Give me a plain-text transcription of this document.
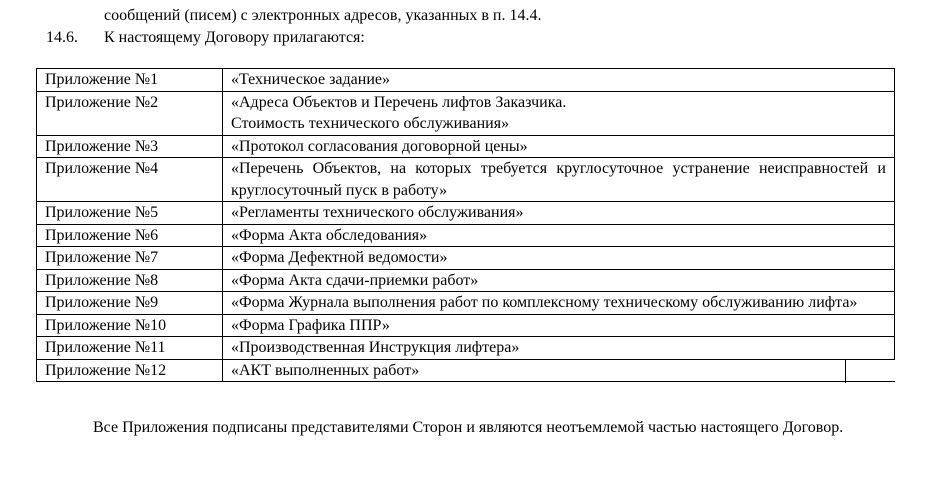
сообщений (писем) с электронных адресов, указанных в п. 14.4.
14.6. К настоящему Договору прилагаются:
Приложение №1	«Техническое задание»
Приложение №2	«Адреса Объектов и Перечень лифтов Заказчика.
Стоимость технического обслуживания»
Приложение №3	«Протокол согласования договорной цены»
Приложение №4	«Перечень Объектов, на которых требуется круглосуточное устранение неисправностей и круглосуточный пуск в работу»
Приложение №5	«Регламенты технического обслуживания»
Приложение №6	«Форма Акта обследования»
Приложение №7	«Форма Дефектной ведомости»
Приложение №8	«Форма Акта сдачи-приемки работ»
Приложение №9	«Форма Журнала выполнения работ по комплексному техническому обслуживанию лифта»
Приложение №10	«Форма Графика ППР»
Приложение №11	«Производственная Инструкция лифтера»
Приложение №12	«АКТ выполненных работ»
Все Приложения подписаны представителями Сторон и являются неотъемлемой частью настоящего Договор.
